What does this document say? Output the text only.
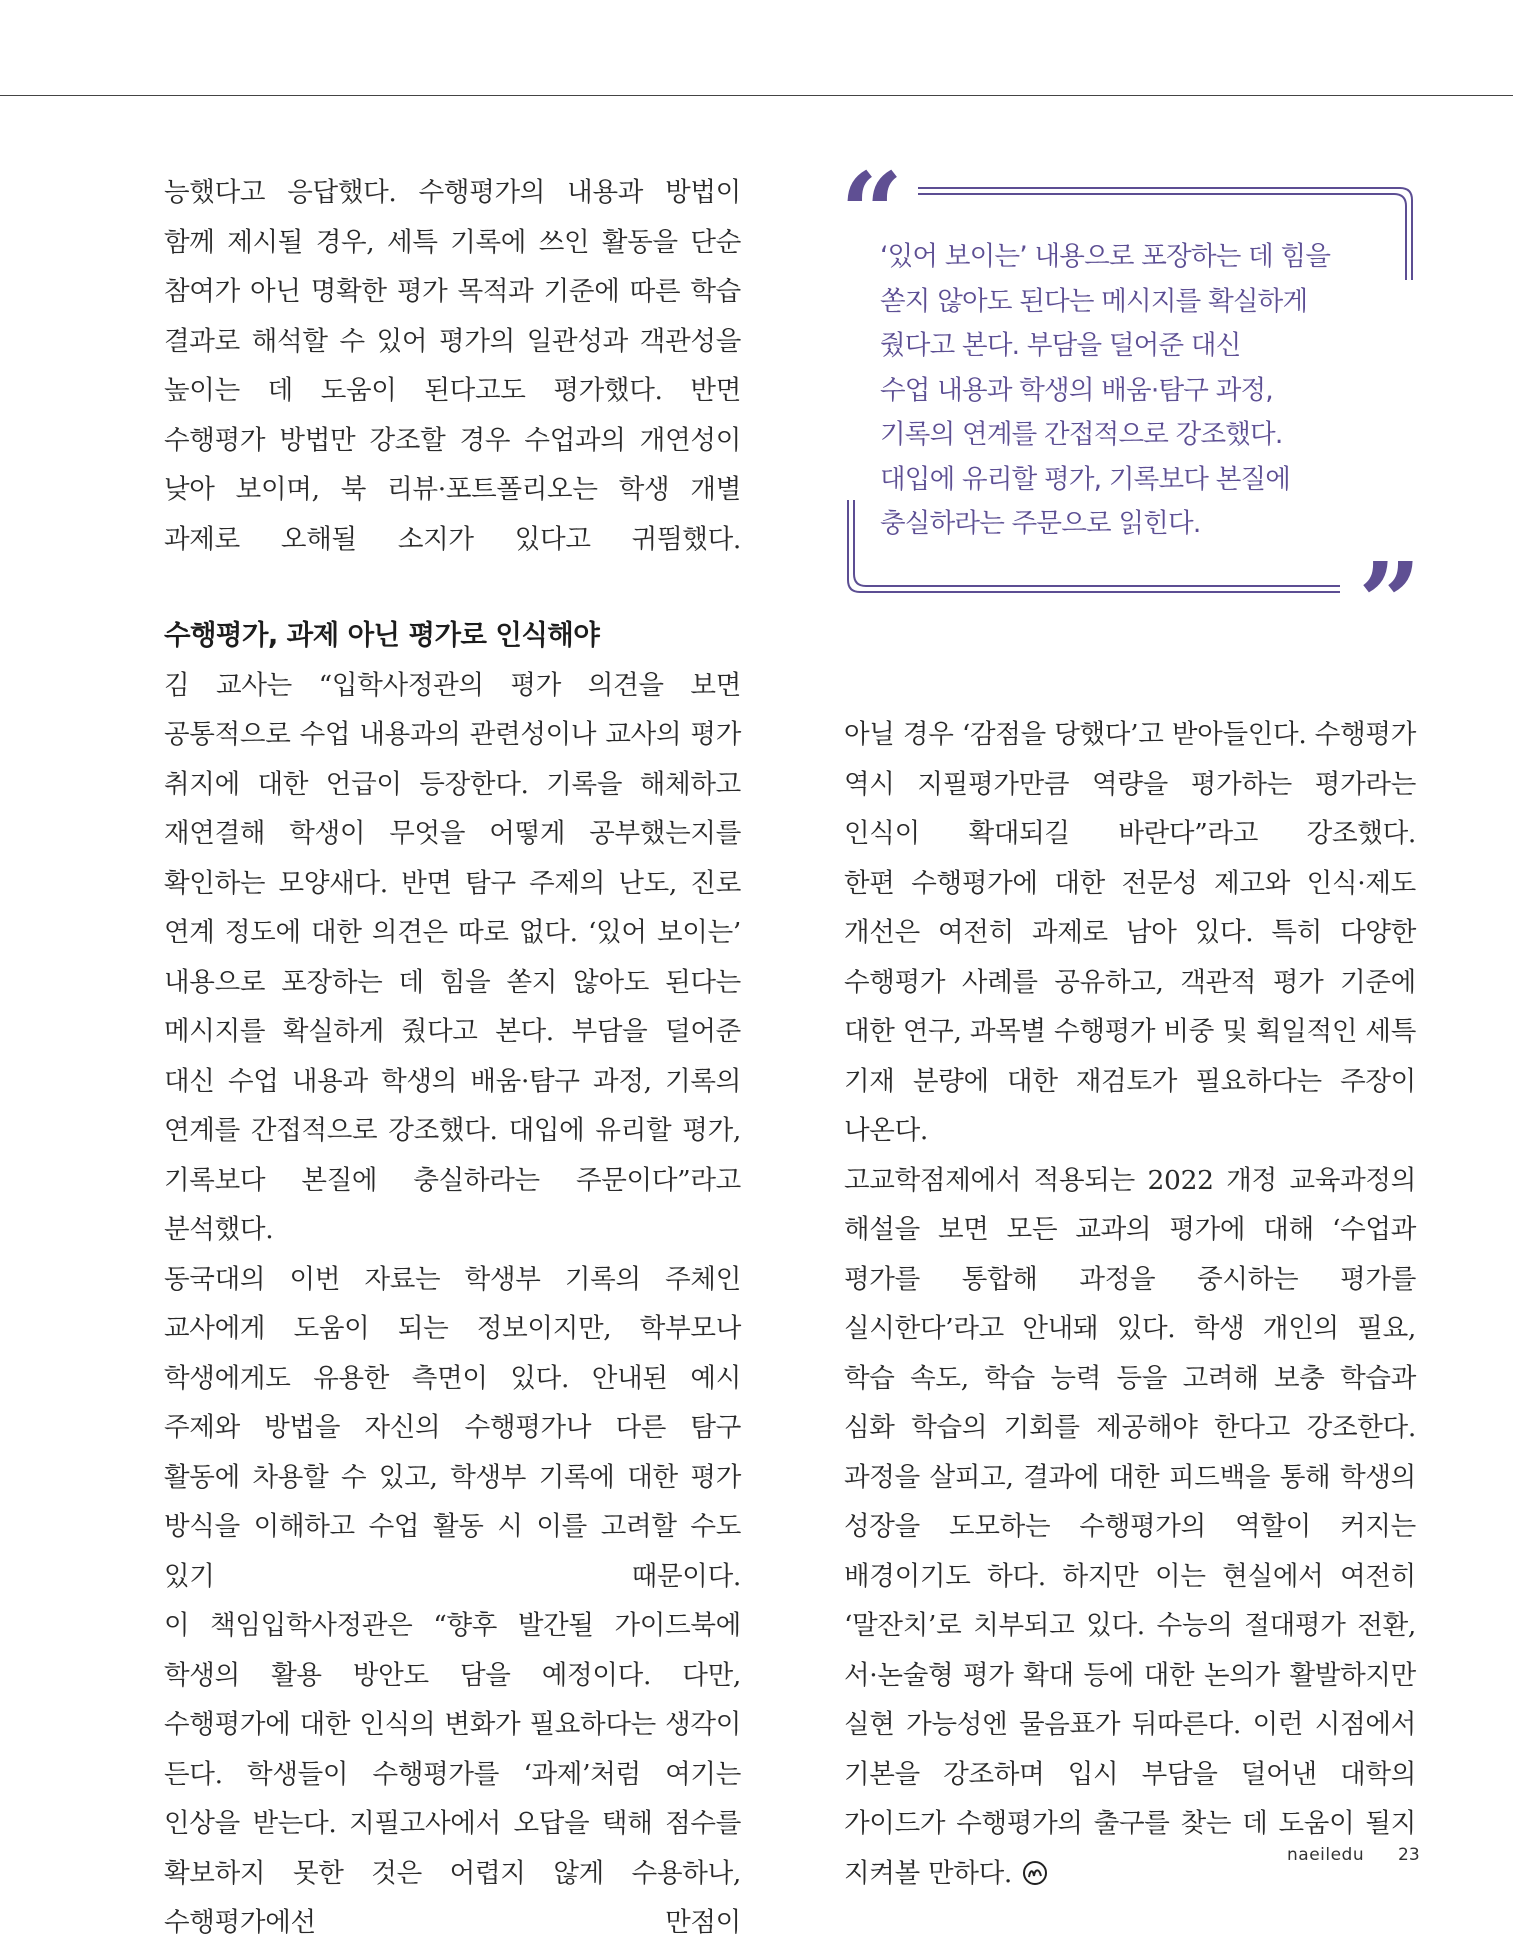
능했다고 응답했다. 수행평가의 내용과 방법이 함께 제시될 경우, 세특 기록에 쓰인 활동을 단순 참여가 아닌 명확한 평가 목적과 기준에 따른 학습 결과로 해석할 수 있어 평가의 일관성과 객관성을 높이는 데 도움이 된다고도 평가했다. 반면 수행평가 방법만 강조할 경우 수업과의 개연성이 낮아 보이며, 북 리뷰·포트폴리오는 학생 개별 과제로 오해될 소지가 있다고 귀띔했다.

수행평가, 과제 아닌 평가로 인식해야

김 교사는 “입학사정관의 평가 의견을 보면 공통적으로 수업 내용과의 관련성이나 교사의 평가 취지에 대한 언급이 등장한다. 기록을 해체하고 재연결해 학생이 무엇을 어떻게 공부했는지를 확인하는 모양새다. 반면 탐구 주제의 난도, 진로 연계 정도에 대한 의견은 따로 없다. ‘있어 보이는’ 내용으로 포장하는 데 힘을 쏟지 않아도 된다는 메시지를 확실하게 줬다고 본다. 부담을 덜어준 대신 수업 내용과 학생의 배움·탐구 과정, 기록의 연계를 간접적으로 강조했다. 대입에 유리할 평가, 기록보다 본질에 충실하라는 주문이다”라고 분석했다.

동국대의 이번 자료는 학생부 기록의 주체인 교사에게 도움이 되는 정보이지만, 학부모나 학생에게도 유용한 측면이 있다. 안내된 예시 주제와 방법을 자신의 수행평가나 다른 탐구 활동에 차용할 수 있고, 학생부 기록에 대한 평가 방식을 이해하고 수업 활동 시 이를 고려할 수도 있기 때문이다.

이 책임입학사정관은 “향후 발간될 가이드북에 학생의 활용 방안도 담을 예정이다. 다만, 수행평가에 대한 인식의 변화가 필요하다는 생각이 든다. 학생들이 수행평가를 ‘과제’처럼 여기는 인상을 받는다. 지필고사에서 오답을 택해 점수를 확보하지 못한 것은 어렵지 않게 수용하나, 수행평가에선 만점이

“

‘있어 보이는’ 내용으로 포장하는 데 힘을
쏟지 않아도 된다는 메시지를 확실하게
줬다고 본다. 부담을 덜어준 대신
수업 내용과 학생의 배움·탐구 과정,
기록의 연계를 간접적으로 강조했다.
대입에 유리할 평가, 기록보다 본질에
충실하라는 주문으로 읽힌다.

”

아닐 경우 ‘감점을 당했다’고 받아들인다. 수행평가 역시 지필평가만큼 역량을 평가하는 평가라는 인식이 확대되길 바란다”라고 강조했다.

한편 수행평가에 대한 전문성 제고와 인식·제도 개선은 여전히 과제로 남아 있다. 특히 다양한 수행평가 사례를 공유하고, 객관적 평가 기준에 대한 연구, 과목별 수행평가 비중 및 획일적인 세특 기재 분량에 대한 재검토가 필요하다는 주장이 나온다.

고교학점제에서 적용되는 2022 개정 교육과정의 해설을 보면 모든 교과의 평가에 대해 ‘수업과 평가를 통합해 과정을 중시하는 평가를 실시한다’라고 안내돼 있다. 학생 개인의 필요, 학습 속도, 학습 능력 등을 고려해 보충 학습과 심화 학습의 기회를 제공해야 한다고 강조한다. 과정을 살피고, 결과에 대한 피드백을 통해 학생의 성장을 도모하는 수행평가의 역할이 커지는 배경이기도 하다. 하지만 이는 현실에서 여전히 ‘말잔치’로 치부되고 있다. 수능의 절대평가 전환, 서·논술형 평가 확대 등에 대한 논의가 활발하지만 실현 가능성엔 물음표가 뒤따른다. 이런 시점에서 기본을 강조하며 입시 부담을 덜어낸 대학의 가이드가 수행평가의 출구를 찾는 데 도움이 될지 지켜볼 만하다.

naeiledu 23
